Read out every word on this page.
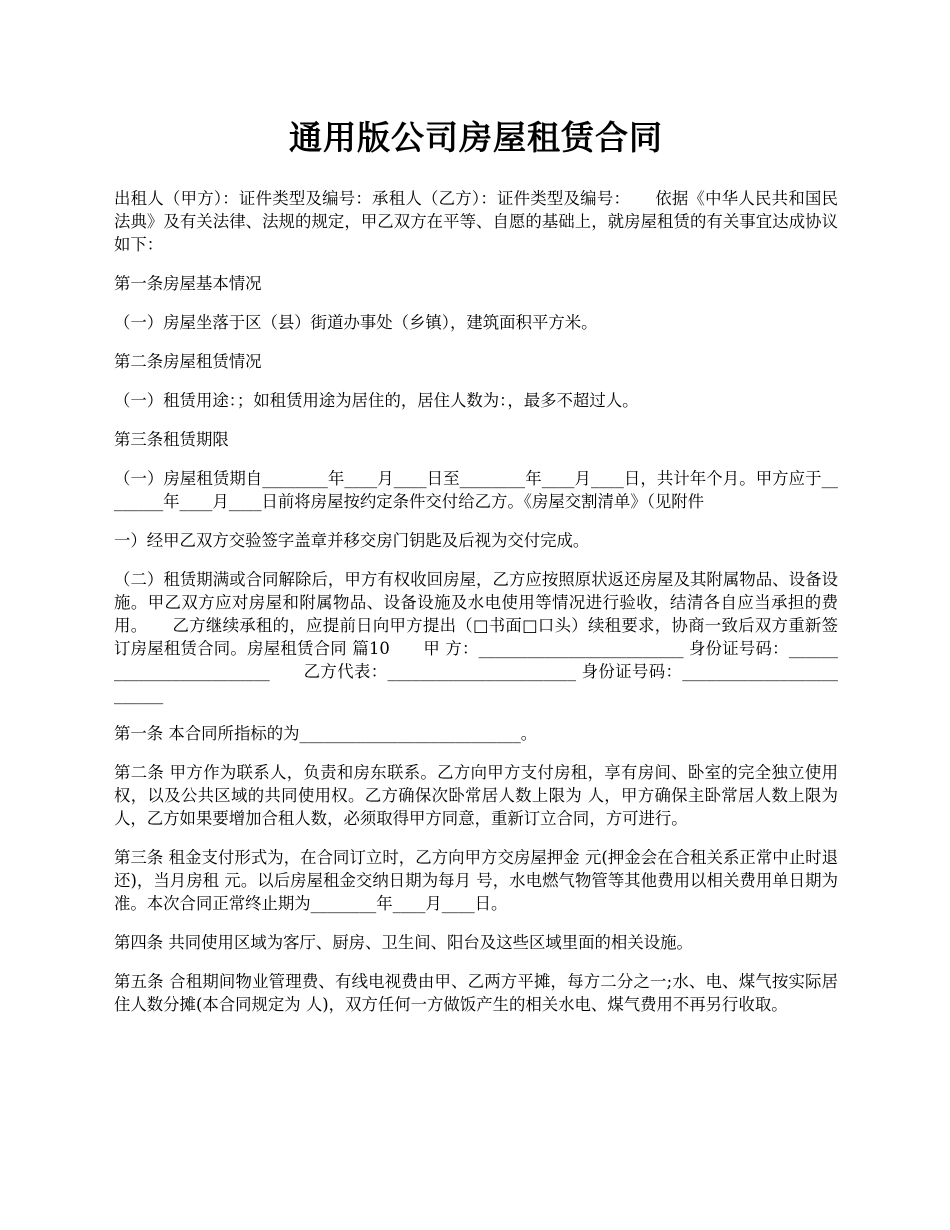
通用版公司房屋租赁合同

出租人（甲方）：证件类型及编号：承租人（乙方）：证件类型及编号：　　依据《中华人民共和国民法典》及有关法律、法规的规定，甲乙双方在平等、自愿的基础上，就房屋租赁的有关事宜达成协议如下：

第一条房屋基本情况

（一）房屋坐落于区（县）街道办事处（乡镇），建筑面积平方米。

第二条房屋租赁情况

（一）租赁用途：；如租赁用途为居住的，居住人数为：，最多不超过人。

第三条租赁期限

（一）房屋租赁期自________年____月____日至________年____月____日，共计年个月。甲方应于________年____月____日前将房屋按约定条件交付给乙方。《房屋交割清单》（见附件

一）经甲乙双方交验签字盖章并移交房门钥匙及后视为交付完成。

（二）租赁期满或合同解除后，甲方有权收回房屋，乙方应按照原状返还房屋及其附属物品、设备设施。甲乙双方应对房屋和附属物品、设备设施及水电使用等情况进行验收，结清各自应当承担的费用。　　乙方继续承租的，应提前日向甲方提出（□书面□口头）续租要求，协商一致后双方重新签订房屋租赁合同。房屋租赁合同 篇10　　甲 方：_________________________ 身份证号码：_________________________　　乙方代表：_______________________ 身份证号码：_________________________

第一条 本合同所指标的为___________________________。

第二条 甲方作为联系人，负责和房东联系。乙方向甲方支付房租，享有房间、卧室的完全独立使用权，以及公共区域的共同使用权。乙方确保次卧常居人数上限为 人，甲方确保主卧常居人数上限为 人，乙方如果要增加合租人数，必须取得甲方同意，重新订立合同，方可进行。

第三条 租金支付形式为，在合同订立时，乙方向甲方交房屋押金 元(押金会在合租关系正常中止时退还)，当月房租 元。以后房屋租金交纳日期为每月 号，水电燃气物管等其他费用以相关费用单日期为准。本次合同正常终止期为________年____月____日。

第四条 共同使用区域为客厅、厨房、卫生间、阳台及这些区域里面的相关设施。

第五条 合租期间物业管理费、有线电视费由甲、乙两方平摊，每方二分之一;水、电、煤气按实际居住人数分摊(本合同规定为 人)，双方任何一方做饭产生的相关水电、煤气费用不再另行收取。
